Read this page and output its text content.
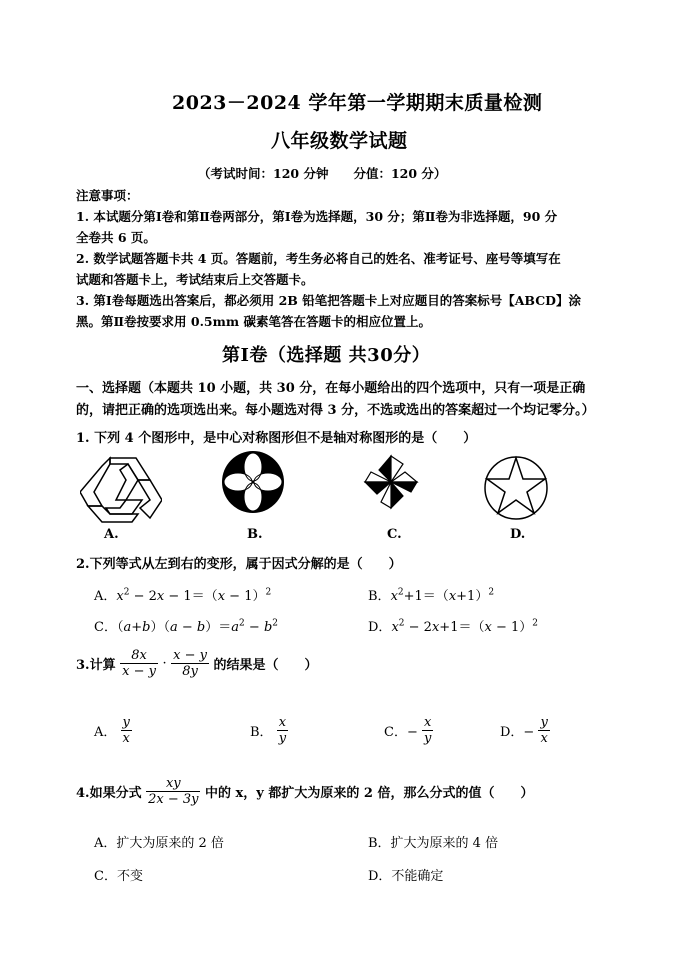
2023－2024 学年第一学期期末质量检测
八年级数学试题
（考试时间：120 分钟　　分值：120 分）
注意事项：
1. 本试题分第Ⅰ卷和第Ⅱ卷两部分，第Ⅰ卷为选择题，30 分；第Ⅱ卷为非选择题，90 分
全卷共 6 页。
2. 数学试题答题卡共 4 页。答题前，考生务必将自己的姓名、准考证号、座号等填写在
试题和答题卡上，考试结束后上交答题卡。
3. 第Ⅰ卷每题选出答案后，都必须用 2B 铅笔把答题卡上对应题目的答案标号【ABCD】涂
黑。第Ⅱ卷按要求用 0.5mm 碳素笔答在答题卡的相应位置上。
第Ⅰ卷（选择题 共30分）
一、选择题（本题共 10 小题，共 30 分，在每小题给出的四个选项中，只有一项是正确
的，请把正确的选项选出来。每小题选对得 3 分，不选或选出的答案超过一个均记零分。）
1. 下列 4 个图形中，是中心对称图形但不是轴对称图形的是（　　）
A.	B.	C.	D.
2.下列等式从左到右的变形，属于因式分解的是（　　）
A．$x^2 - 2x - 1=(x - 1)^2$	B．$x^2+1=(x+1)^2$
C．$(a+b)(a - b)=a^2 - b^2$	D．$x^2 - 2x+1=(x - 1)^2$
3.计算 $\frac{8x}{x - y} \cdot \frac{x - y}{8y}$ 的结果是（　　）
A． $\frac{y}{x}$	B． $\frac{x}{y}$	C．− $\frac{x}{y}$	D．− $\frac{y}{x}$
4.如果分式 $\frac{xy}{2x - 3y}$ 中的 x，y 都扩大为原来的 2 倍，那么分式的值（　　）
A．扩大为原来的 2 倍	B．扩大为原来的 4 倍
C．不变	D．不能确定
